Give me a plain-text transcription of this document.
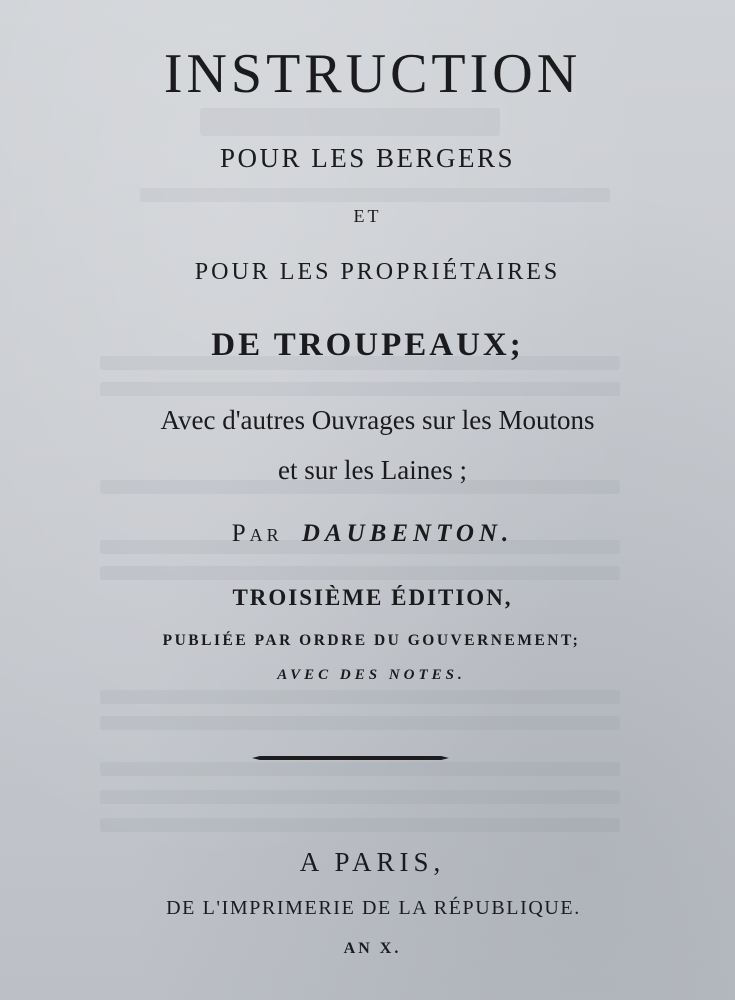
INSTRUCTION
POUR LES BERGERS
ET
POUR LES PROPRIÉTAIRES
DE TROUPEAUX;
Avec d'autres Ouvrages sur les Moutons
et sur les Laines ;
Par DAUBENTON.
TROISIÈME ÉDITION,
PUBLIÉE PAR ORDRE DU GOUVERNEMENT;
AVEC DES NOTES.
A PARIS,
DE L'IMPRIMERIE DE LA RÉPUBLIQUE.
AN X.
